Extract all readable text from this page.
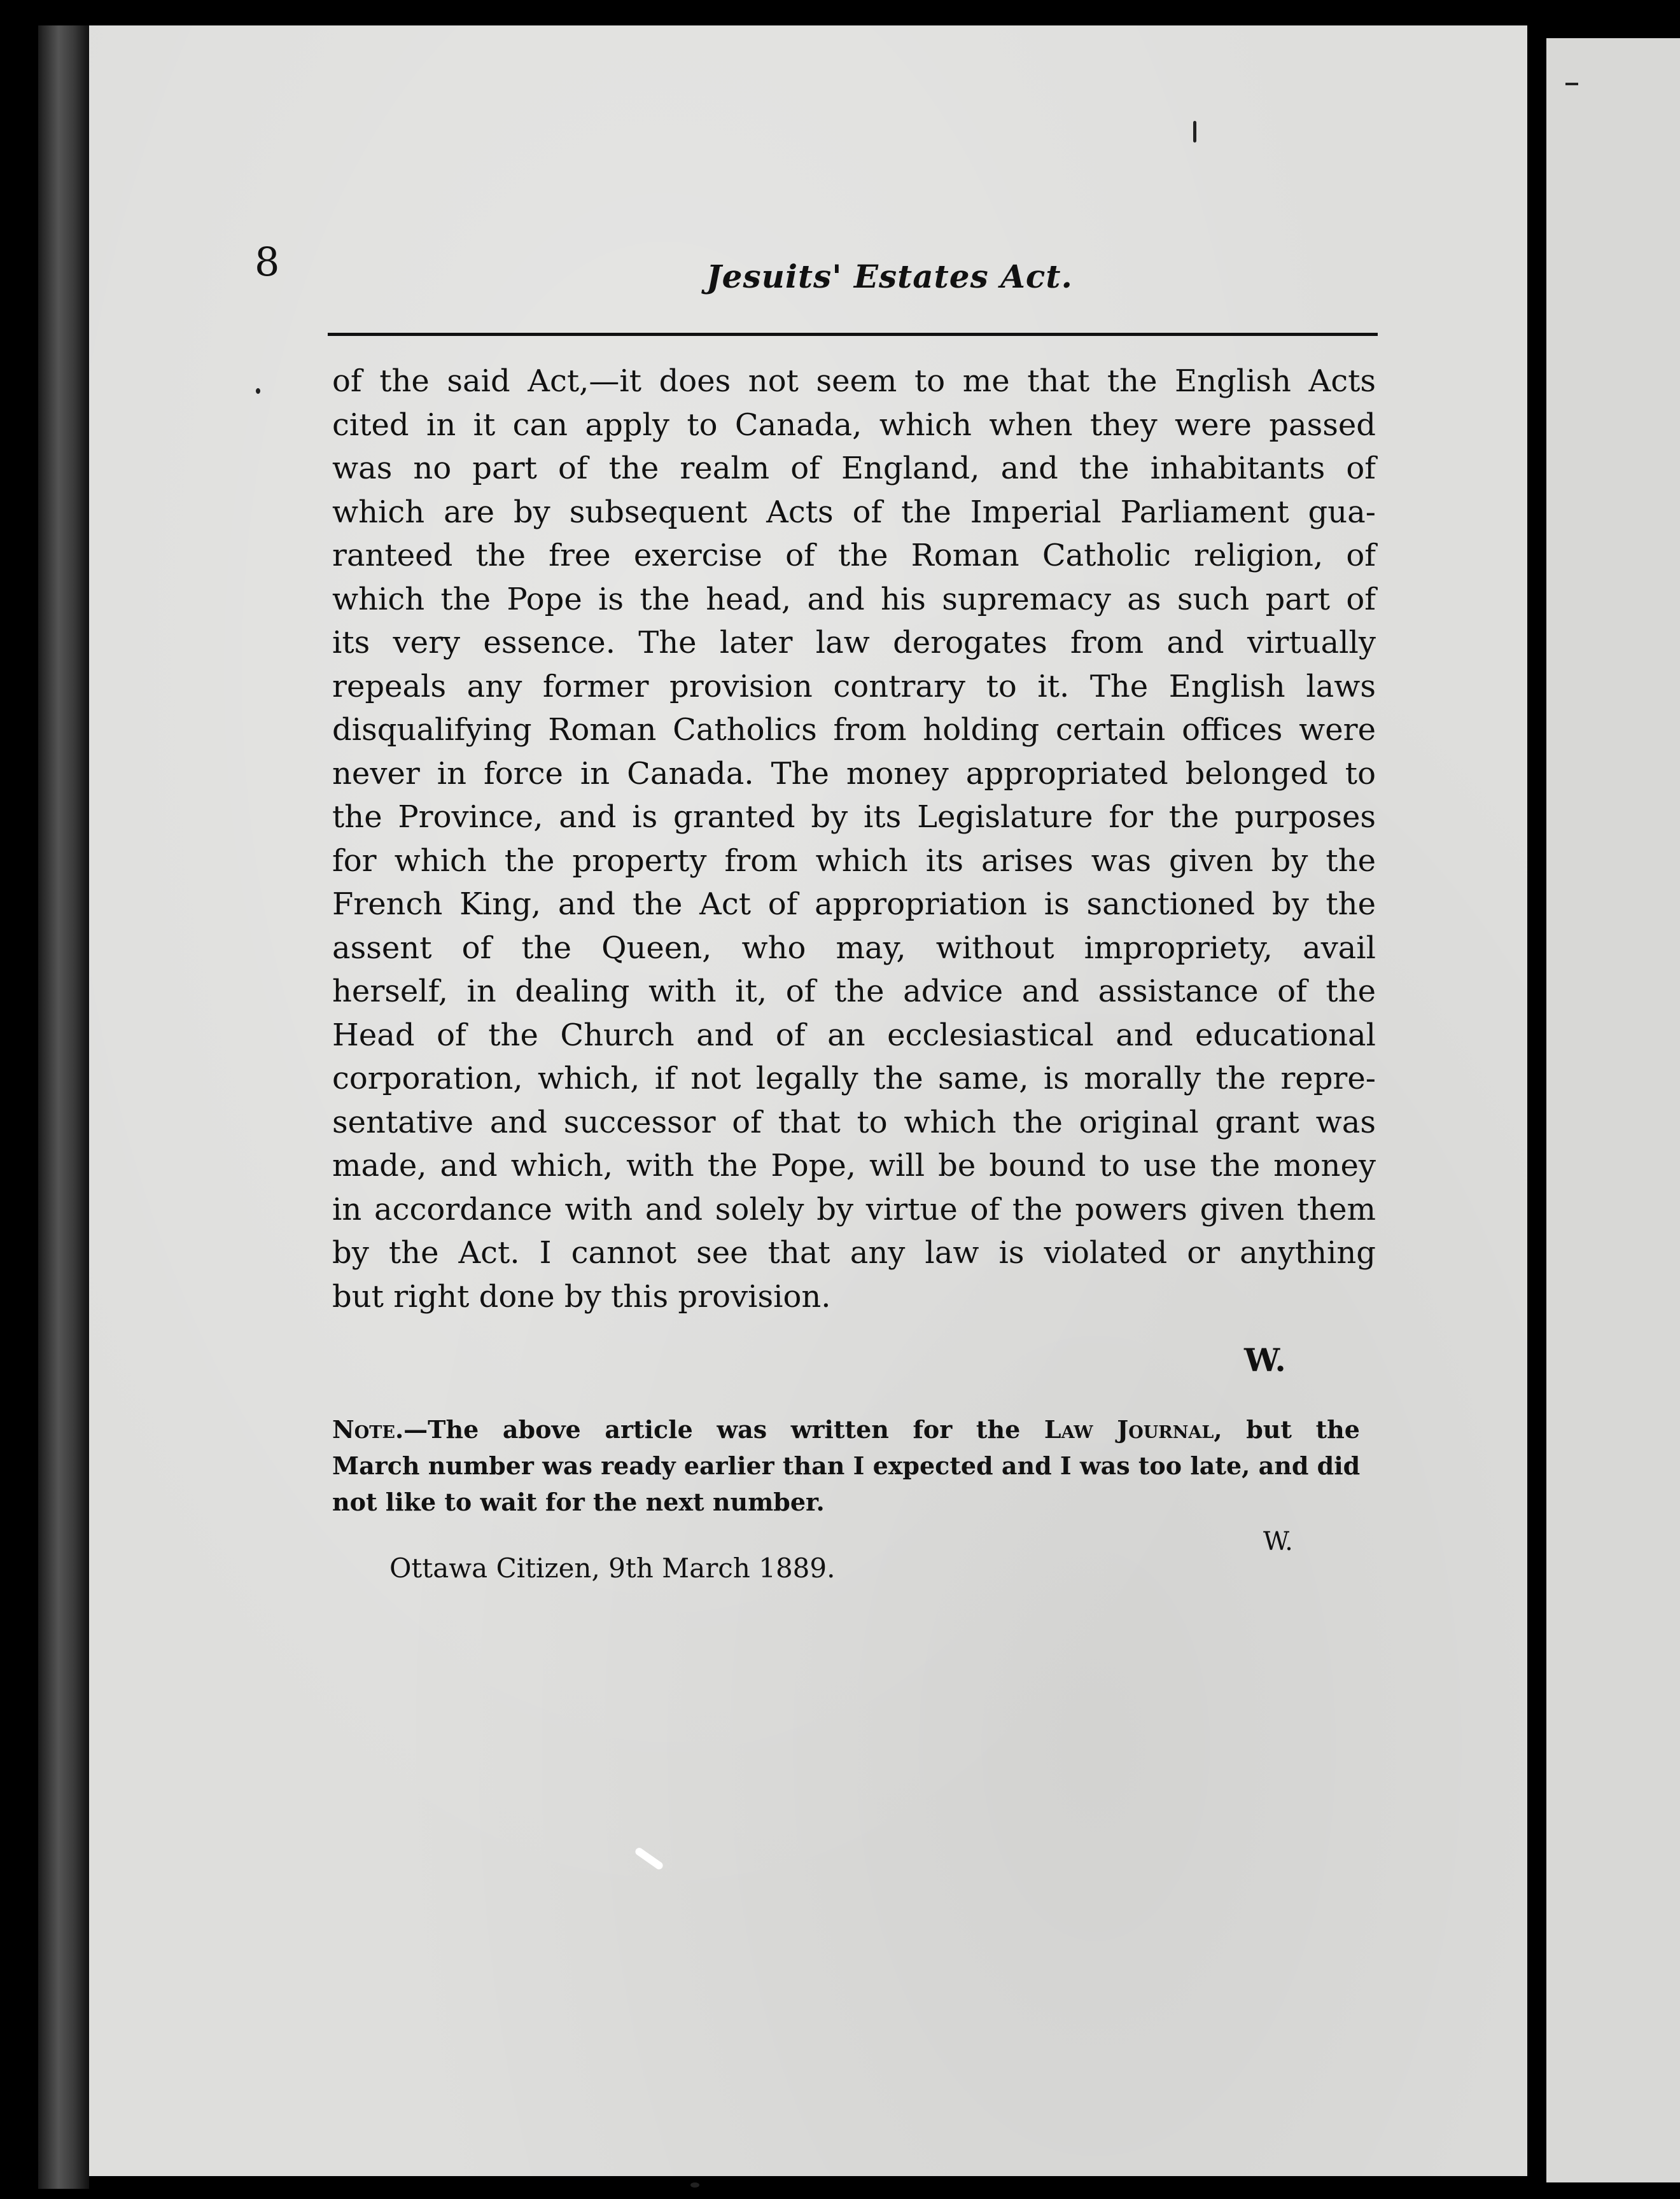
8	Jesuits' Estates Act.
of the said Act,—it does not seem to me that the English Acts
cited in it can apply to Canada, which when they were passed
was no part of the realm of England, and the inhabitants of
which are by subsequent Acts of the Imperial Parliament gua-
ranteed the free exercise of the Roman Catholic religion, of
which the Pope is the head, and his supremacy as such part of
its very essence. The later law derogates from and virtually
repeals any former provision contrary to it. The English laws
disqualifying Roman Catholics from holding certain offices were
never in force in Canada. The money appropriated belonged to
the Province, and is granted by its Legislature for the purposes
for which the property from which its arises was given by the
French King, and the Act of appropriation is sanctioned by the
assent of the Queen, who may, without impropriety, avail
herself, in dealing with it, of the advice and assistance of the
Head of the Church and of an ecclesiastical and educational
corporation, which, if not legally the same, is morally the repre-
sentative and successor of that to which the original grant was
made, and which, with the Pope, will be bound to use the money
in accordance with and solely by virtue of the powers given them
by the Act. I cannot see that any law is violated or anything
but right done by this provision.
W.
Note.—The above article was written for the Law Journal, but the
March number was ready earlier than I expected and I was too late, and did
not like to wait for the next number.
W.
Ottawa Citizen, 9th March 1889.
